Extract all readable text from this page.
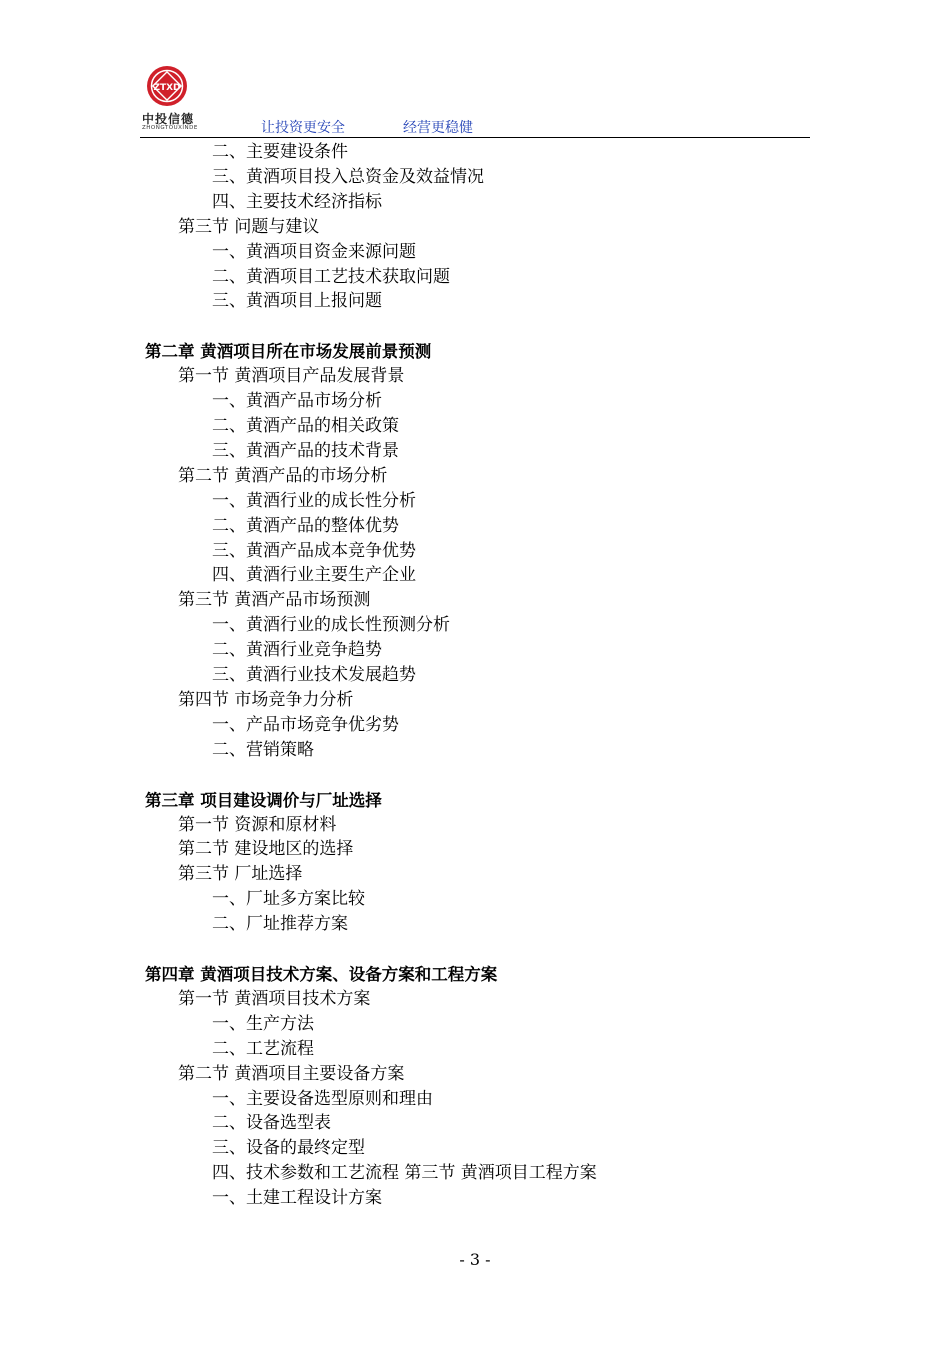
ZTXD
中投信德
ZHONGTOUXINDE	让投资更安全	经营更稳健
二、主要建设条件
三、黄酒项目投入总资金及效益情况
四、主要技术经济指标
第三节 问题与建议
一、黄酒项目资金来源问题
二、黄酒项目工艺技术获取问题
三、黄酒项目上报问题
第二章 黄酒项目所在市场发展前景预测
第一节 黄酒项目产品发展背景
一、黄酒产品市场分析
二、黄酒产品的相关政策
三、黄酒产品的技术背景
第二节 黄酒产品的市场分析
一、黄酒行业的成长性分析
二、黄酒产品的整体优势
三、黄酒产品成本竞争优势
四、黄酒行业主要生产企业
第三节 黄酒产品市场预测
一、黄酒行业的成长性预测分析
二、黄酒行业竞争趋势
三、黄酒行业技术发展趋势
第四节 市场竞争力分析
一、产品市场竞争优劣势
二、营销策略
第三章 项目建设调价与厂址选择
第一节 资源和原材料
第二节 建设地区的选择
第三节 厂址选择
一、厂址多方案比较
二、厂址推荐方案
第四章 黄酒项目技术方案、设备方案和工程方案
第一节 黄酒项目技术方案
一、生产方法
二、工艺流程
第二节 黄酒项目主要设备方案
一、主要设备选型原则和理由
二、设备选型表
三、设备的最终定型
四、技术参数和工艺流程 第三节 黄酒项目工程方案
一、土建工程设计方案
- 3 -
